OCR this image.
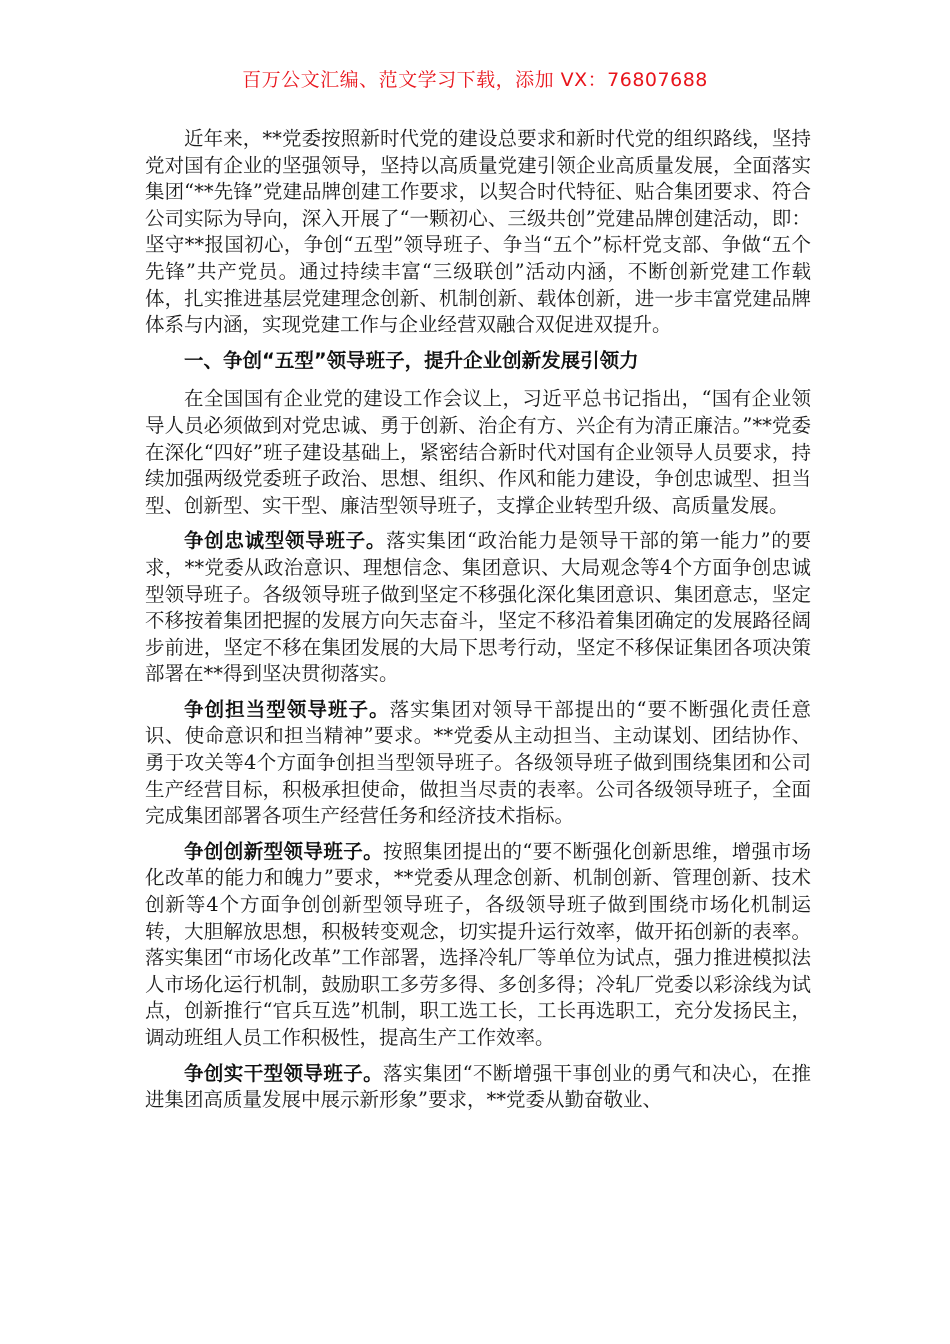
百万公文汇编、范文学习下载，添加 VX：76807688

近年来，**党委按照新时代党的建设总要求和新时代党的组织路线，坚持党对国有企业的坚强领导，坚持以高质量党建引领企业高质量发展，全面落实集团“**先锋”党建品牌创建工作要求，以契合时代特征、贴合集团要求、符合公司实际为导向，深入开展了“一颗初心、三级共创”党建品牌创建活动，即：坚守**报国初心，争创“五型”领导班子、争当“五个”标杆党支部、争做“五个先锋”共产党员。通过持续丰富“三级联创”活动内涵，不断创新党建工作载体，扎实推进基层党建理念创新、机制创新、载体创新，进一步丰富党建品牌体系与内涵，实现党建工作与企业经营双融合双促进双提升。

一、争创“五型”领导班子，提升企业创新发展引领力

在全国国有企业党的建设工作会议上，习近平总书记指出，“国有企业领导人员必须做到对党忠诚、勇于创新、治企有方、兴企有为清正廉洁。”**党委在深化“四好”班子建设基础上，紧密结合新时代对国有企业领导人员要求，持续加强两级党委班子政治、思想、组织、作风和能力建设，争创忠诚型、担当型、创新型、实干型、廉洁型领导班子，支撑企业转型升级、高质量发展。

争创忠诚型领导班子。落实集团“政治能力是领导干部的第一能力”的要求，**党委从政治意识、理想信念、集团意识、大局观念等4个方面争创忠诚型领导班子。各级领导班子做到坚定不移强化深化集团意识、集团意志，坚定不移按着集团把握的发展方向矢志奋斗，坚定不移沿着集团确定的发展路径阔步前进，坚定不移在集团发展的大局下思考行动，坚定不移保证集团各项决策部署在**得到坚决贯彻落实。

争创担当型领导班子。落实集团对领导干部提出的“要不断强化责任意识、使命意识和担当精神”要求。**党委从主动担当、主动谋划、团结协作、勇于攻关等4个方面争创担当型领导班子。各级领导班子做到围绕集团和公司生产经营目标，积极承担使命，做担当尽责的表率。公司各级领导班子，全面完成集团部署各项生产经营任务和经济技术指标。

争创创新型领导班子。按照集团提出的“要不断强化创新思维，增强市场化改革的能力和魄力”要求，**党委从理念创新、机制创新、管理创新、技术创新等4个方面争创创新型领导班子，各级领导班子做到围绕市场化机制运转，大胆解放思想，积极转变观念，切实提升运行效率，做开拓创新的表率。落实集团“市场化改革”工作部署，选择冷轧厂等单位为试点，强力推进模拟法人市场化运行机制，鼓励职工多劳多得、多创多得；冷轧厂党委以彩涂线为试点，创新推行“官兵互选”机制，职工选工长，工长再选职工，充分发扬民主，调动班组人员工作积极性，提高生产工作效率。

争创实干型领导班子。落实集团“不断增强干事创业的勇气和决心，在推进集团高质量发展中展示新形象”要求，**党委从勤奋敬业、
